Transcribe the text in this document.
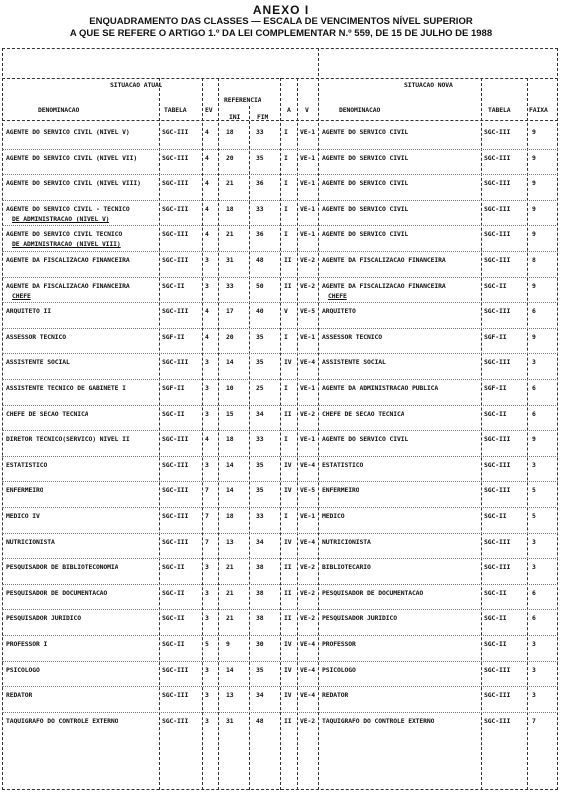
ANEXO I
ENQUADRAMENTO DAS CLASSES — ESCALA DE VENCIMENTOS NÍVEL SUPERIOR
A QUE SE REFERE O ARTIGO 1.º DA LEI COMPLEMENTAR N.º 559, DE 15 DE JULHO DE 1988
SITUACAO ATUAL	SITUACAO NOVA
DENOMINACAO	TABELA	EV
REFERENCIA
INI	FIM
A V	DENOMINACAO	TABELA	FAIXA
AGENTE DO SERVICO CIVIL (NIVEL V)	SGC-III	4	18	33	I VE-1 AGENTE DO SERVICO CIVIL	SGC-III	9
AGENTE DO SERVICO CIVIL (NIVEL VII)	SGC-III	4	20	35	I VE-1 AGENTE DO SERVICO CIVIL	SGC-III	9
AGENTE DO SERVICO CIVIL (NIVEL VIII)	SGC-III	4	21	36	I VE-1 AGENTE DO SERVICO CIVIL	SGC-III	9
AGENTE DO SERVICO CIVIL - TECNICO	SGC-III	4	18	33	I VE-1 AGENTE DO SERVICO CIVIL	SGC-III	9
DE ADMINISTRACAO (NIVEL V)
AGENTE DO SERVICO CIVIL TECNICO	SGC-III	4	21	36	I VE-1 AGENTE DO SERVICO CIVIL	SGC-III	9
DE ADMINISTRACAO (NIVEL VIII)
AGENTE DA FISCALIZACAO FINANCEIRA	SGC-III	3	31	48	II VE-2 AGENTE DA FISCALIZACAO FINANCEIRA	SGC-III	8
AGENTE DA FISCALIZACAO FINANCEIRA	SGC-II	3	33	50	II VE-2 AGENTE DA FISCALIZACAO FINANCEIRA	SGC-II	9
CHEFE	CHEFE
ARQUITETO II	SGC-III	4	17	40	V VE-5 ARQUITETO	SGC-III	6
ASSESSOR TECNICO	SGF-II	4	20	35	I VE-1 ASSESSOR TECNICO	SGF-II	9
ASSISTENTE SOCIAL	SGC-III	3	14	35	IV VE-4 ASSISTENTE SOCIAL	SGC-III	3
ASSISTENTE TECNICO DE GABINETE I	SGF-II	3	10	25	I VE-1 AGENTE DA ADMINISTRACAO PUBLICA	SGF-II	6
CHEFE DE SECAO TECNICA	SGC-II	3	15	34	II VE-2 CHEFE DE SECAO TECNICA	SGC-II	6
DIRETOR TECNICO(SERVICO) NIVEL II	SGC-III	4	18	33	I VE-1 AGENTE DO SERVICO CIVIL	SGC-III	9
ESTATISTICO	SGC-III	3	14	35	IV VE-4 ESTATISTICO	SGC-III	3
ENFERMEIRO	SGC-III	7	14	35	IV VE-5 ENFERMEIRO	SGC-III	5
MEDICO IV	SGC-III	7	18	33	I VE-1 MEDICO	SGC-II	5
NUTRICIONISTA	SGC-III	7	13	34	IV VE-4 NUTRICIONISTA	SGC-III	3
PESQUISADOR DE BIBLIOTECONOMIA	SGC-II	3	21	38	II VE-2 BIBLIOTECARIO	SGC-III	3
PESQUISADOR DE DOCUMENTACAO	SGC-II	3	21	38	II VE-2 PESQUISADOR DE DOCUMENTACAO	SGC-II	6
PESQUISADOR JURIDICO	SGC-II	3	21	38	II VE-2 PESQUISADOR JURIDICO	SGC-II	6
PROFESSOR I	SGC-II	5	9	30	IV VE-4 PROFESSOR	SGC-II	3
PSICOLOGO	SGC-III	3	14	35	IV VE-4 PSICOLOGO	SGC-III	3
REDATOR	SGC-III	3	13	34	IV VE-4 REDATOR	SGC-III	3
TAQUIGRAFO DO CONTROLE EXTERNO	SGC-III	3	31	48	II VE-2 TAQUIGRAFO DO CONTROLE EXTERNO	SGC-III	7
